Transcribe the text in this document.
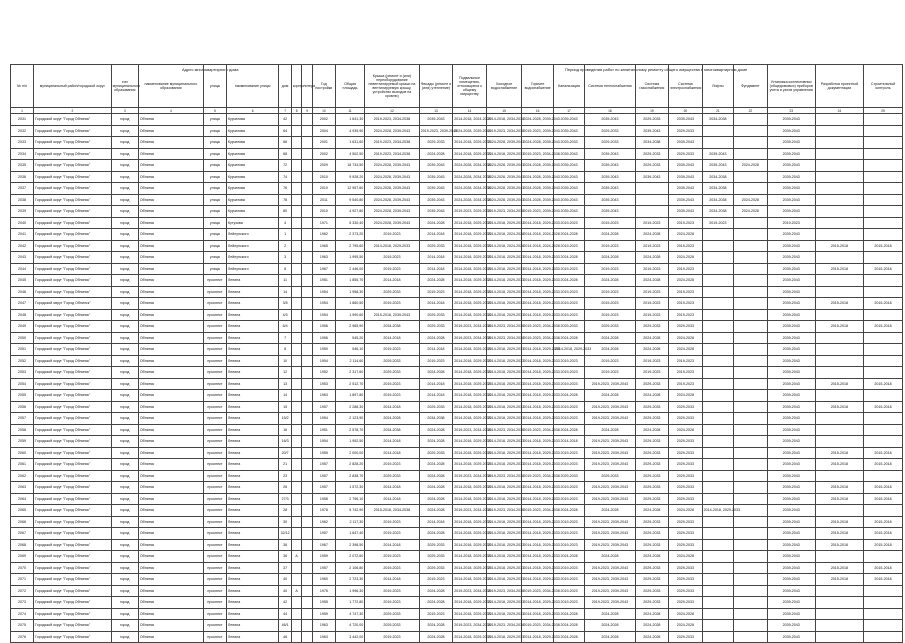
Адрес многоквартирного дома	Период проведения работ по капитальному ремонту общего имущества в многоквартирном доме
№ п/п	муниципальный район/городской округ	тип муниципального образования	наименование муниципального образования	улица	наименование улицы	дом	корпус	литера	Год постройки	Общая площадь	Крыша (ремонт и (или) переоборудование невентилируемой крыши на вентилируемую крышу, устройство выходов на кровлю)	Фасады (ремонт и (или) утепление)	Подвальные помещения, относящиеся к общему имуществу	Холодное водоснабжение	Горячее водоснабжение	Канализация	Система теплоснабжения	Система газоснабжения	Система электроснабжения	Лифты	Фундамент	Установка коллективных (общедомовых) приборов учета и узлов управления	Разработка проектной документации	Строительный контроль
1	2	3	4	5	6	7	8	9	10	11	12	13	14	15	16	17	18	19	20	21	22	23	24	25
2031	Городской округ "Город Обнинск"	город	Обнинск	улица	Курчатова	42			2002	1 641,30	2019-2023, 2034-2038	2039-2043	2014-2018, 2024-2028	2014-2018, 2034-2038	2024-2028, 2039-2043	2039-2043	2039-2043	2029-2033	2039-2043	2034-2038		2039-2043		
2032	Городской округ "Город Обнинск"	город	Обнинск	улица	Курчатова	64			2004	4 939,90	2024-2028, 2039-2043	2019-2023, 2039-2043	2024-2028, 2039-2043	2019-2023, 2034-2038	2019-2023, 2039-2043	2039-2043	2029-2033	2039-2043	2029-2033			2039-2043		
2033	Городской округ "Город Обнинск"	город	Обнинск	улица	Курчатова	66			2001	1 631,60	2019-2023, 2034-2038	2029-2033	2014-2018, 2029-2033	2024-2028, 2039-2043	2024-2028, 2039-2043	2029-2033	2029-2033	2034-2038	2039-2043			2039-2043		
2034	Городской округ "Город Обнинск"	город	Обнинск	улица	Курчатова	68			2002	4 502,50	2019-2023, 2034-2038	2024-2028	2014-2018, 2029-2033	2014-2018, 2029-2033	2019-2023, 2034-2038	2039-2043	2039-2043	2029-2033	2029-2033	2039-2043		2039-2043		
2035	Городской округ "Город Обнинск"	город	Обнинск	улица	Курчатова	72			2009	18 734,50	2024-2028, 2039-2043	2039-2043	2024-2028, 2034-2038	2024-2028, 2039-2043	2024-2028, 2039-2043	2039-2043	2039-2043	2029-2033	2039-2043	2039-2043	2024-2028	2039-2043		
2036	Городской округ "Город Обнинск"	город	Обнинск	улица	Курчатова	74			2010	9 928,20	2024-2028, 2039-2043	2039-2043	2024-2028, 2034-2038	2024-2028, 2039-2043	2024-2028, 2039-2043	2039-2043	2039-2043	2039-2043	2039-2043	2034-2038		2039-2043		
2037	Городской округ "Город Обнинск"	город	Обнинск	улица	Курчатова	76			2010	12 957,60	2024-2028, 2039-2043	2039-2043	2024-2028, 2034-2038	2024-2028, 2039-2043	2024-2028, 2039-2043	2039-2043	2039-2043		2039-2043	2034-2038		2039-2043		
2038	Городской округ "Город Обнинск"	город	Обнинск	улица	Курчатова	78			2011	9 540,80	2024-2028, 2039-2043	2039-2043	2024-2028, 2034-2038	2024-2028, 2039-2043	2024-2028, 2039-2043	2039-2043	2039-2043		2039-2043	2034-2038	2024-2028	2039-2043		
2039	Городской округ "Город Обнинск"	город	Обнинск	улица	Курчатова	80			2010	4 927,80	2024-2028, 2039-2043	2039-2043	2019-2023, 2029-2033	2019-2023, 2034-2038	2019-2023, 2039-2043	2039-2043	2039-2043		2039-2043	2034-2038	2024-2028	2039-2043		
2040	Городской округ "Город Обнинск"	город	Обнинск	улица	Кутузова	4			1971	5 330,40	2024-2028, 2039-2043	2024-2028	2014-2018, 2029-2033	2014-2018, 2029-2033	2014-2018, 2029-2033	2019-2023	2019-2023	2019-2023	2019-2023	2019-2023		2019-2023		
2041	Городской округ "Город Обнинск"	город	Обнинск	улица	Лейпунского	1			1962	2 373,20	2019-2023	2014-2018	2014-2018, 2029-2033	2014-2018, 2024-2028	2014-2018, 2024-2028	2024-2028	2024-2028	2024-2028	2024-2028			2039-2043		
2042	Городской округ "Город Обнинск"	город	Обнинск	улица	Лейпунского	2			1965	2 795,60	2014-2018, 2029-2033	2029-2033	2014-2018, 2029-2033	2014-2018, 2024-2028	2014-2018, 2024-2028	2019-2023	2019-2023	2019-2023	2019-2023			2039-2043	2015-2018	2015-2018
2043	Городской округ "Город Обнинск"	город	Обнинск	улица	Лейпунского	3			1963	1 995,50	2019-2023	2014-2018	2014-2018, 2029-2033	2014-2018, 2029-2033	2014-2018, 2029-2033	2024-2028	2024-2028	2024-2028	2024-2028			2039-2043		
2044	Городской округ "Город Обнинск"	город	Обнинск	улица	Лейпунского	8			1967	2 446,00	2019-2023	2014-2018	2014-2018, 2029-2033	2014-2018, 2029-2033	2014-2018, 2029-2033	2019-2023	2019-2023	2019-2023	2019-2023			2039-2043	2015-2018	2015-2018
2045	Городской округ "Город Обнинск"	город	Обнинск	проспект	Ленина	11			1951	1 855,70	2014-2018	2024-2028	2014-2018, 2029-2033	2014-2018, 2029-2033	2014-2018, 2029-2033	2024-2028	2024-2028	2024-2028	2024-2028			2039-2043		
2046	Городской округ "Город Обнинск"	город	Обнинск	проспект	Ленина	14			1954	1 958,30	2029-2033	2019-2023	2014-2018, 2029-2033	2014-2018, 2029-2033	2014-2018, 2029-2033	2019-2023	2019-2023	2019-2023	2019-2023			2039-2043		
2047	Городской овруг "Город Обнинск"	город	Обнинск	проспект	Ленина	3/5			1954	1 860,50	2019-2023	2014-2018	2014-2018, 2029-2033	2014-2018, 2029-2033	2014-2018, 2029-2033	2019-2023	2019-2023	2019-2023	2019-2023			2039-2043	2015-2018	2015-2018
2048	Городской округ "Город Обнинск"	город	Обнинск	проспект	Ленина	4/3			1954	1 990,60	2015-2018, 2039-2043	2029-2033	2014-2018, 2029-2033	2014-2018, 2029-2033	2014-2018, 2029-2033	2019-2023	2019-2023	2019-2023	2019-2023			2039-2043		
2049	Городской округ "Город Обнинск"	город	Обнинск	проспект	Ленина	6/4			1956	2 965,90	2034-2038	2029-2033	2019-2023, 2034-2038	2019-2023, 2034-2038	2019-2023, 2034-2038	2029-2033	2029-2033	2029-2033	2029-2033			2039-2043	2015-2018	2015-2018
2050	Городской округ "Город Обнинск"	город	Обнинск	проспект	Ленина	7			1956	545,20	2014-2018	2024-2028	2019-2023, 2034-2038	2019-2023, 2034-2038	2019-2023, 2034-2038	2024-2028	2024-2028	2024-2028	2024-2028			2039-2043		
2051	Городской округ "Город Обнинск"	город	Обнинск	проспект	Ленина	8			1950	546,10	2019-2023	2014-2018	2014-2018, 2029-2033	2014-2018, 2029-2033	2014-2018, 2029-2033	2014-2018, 2029-2033	2024-2028	2024-2028	2024-2028			2039-2043		
2052	Городской округ "Город Обнинск"	город	Обнинск	проспект	Ленина	10			1954	2 114,60	2029-2033	2019-2023	2014-2018, 2029-2033	2014-2018, 2029-2033	2014-2018, 2029-2033	2019-2023	2019-2023	2019-2023	2019-2023			2039-2043		
2053	Городской округ "Город Обнинск"	город	Обнинск	проспект	Ленина	12			1952	2 317,60	2029-2033	2024-2028	2014-2018, 2029-2033	2014-2018, 2029-2033	2014-2018, 2029-2033	2019-2023	2019-2023	2019-2023	2019-2023			2039-2043		
2054	Городской округ "Город Обнинск"	город	Обнинск	проспект	Ленина	13			1953	2 512,70	2019-2023	2014-2018	2014-2018, 2029-2033	2014-2018, 2029-2033	2014-2018, 2029-2033	2019-2023	2019-2023, 2039-2043	2029-2033	2019-2023			2039-2043	2015-2018	2015-2018
2055	Городской округ "Город Обнинск"	город	Обнинск	проспект	Ленина	14			1963	1 897,80	2019-2023	2014-2018	2014-2018, 2029-2033	2014-2018, 2029-2033	2014-2018, 2029-2033	2024-2028	2024-2028	2024-2028	2024-2028			2039-2043		
2056	Городской округ "Город Обнинск"	город	Обнинск	проспект	Ленина	15			1957	2 288,30	2014-2018	2029-2033	2014-2018, 2029-2033	2014-2018, 2029-2033	2014-2018, 2029-2033	2019-2023	2019-2023, 2039-2043	2029-2033	2029-2033			2039-2043	2015-2018	2015-2018
2057	Городской округ "Город Обнинск"	город	Обнинск	проспект	Ленина	15/2			1954	2 123,90	2024-2028	2034-2038	2014-2018, 2029-2033	2014-2018, 2029-2033	2014-2018, 2029-2033	2019-2023	2019-2023, 2039-2043	2029-2033	2029-2033			2039-2043		
2058	Городской округ "Город Обнинск"	город	Обнинск	проспект	Ленина	16			1951	2 578,70	2034-2038	2024-2028	2019-2023, 2034-2038	2019-2023, 2034-2038	2019-2023, 2034-2038	2024-2028	2024-2028	2024-2028	2024-2028			2039-2043		
2059	Городской округ "Город Обнинск"	город	Обнинск	проспект	Ленина	16/3			1954	1 952,50	2014-2018	2024-2028	2014-2018, 2029-2033	2014-2018, 2029-2033	2014-2018, 2029-2033	2014-2018	2019-2023, 2039-2043	2029-2033	2029-2033			2039-2043		
2060	Городской округ "Город Обнинск"	город	Обнинск	проспект	Ленина	20/7			1955	2 000,00	2014-2018	2029-2033	2014-2018, 2029-2033	2014-2018, 2029-2033	2014-2018, 2029-2033	2019-2023	2019-2023, 2039-2043	2029-2033	2029-2033			2039-2043	2015-2018	2015-2018
2061	Городской округ "Город Обнинск"	город	Обнинск	проспект	Ленина	21			1957	2 828,20	2019-2023	2024-2028	2014-2018, 2029-2033	2014-2018, 2029-2033	2014-2018, 2029-2033	2019-2023	2019-2023, 2039-2043	2029-2033	2029-2033			2039-2043	2015-2018	2015-2018
2062	Городской округ "Город Обнинск"	город	Обнинск	проспект	Ленина	23			1957	2 838,70	2029-2033	2024-2028	2019-2023, 2034-2038	2019-2023, 2034-2038	2019-2023, 2034-2038	2029-2033	2029-2033	2029-2033	2029-2033			2039-2043		
2063	Городской округ "Город Обнинск"	город	Обнинск	проспект	Ленина	26			1957	1 572,30	2014-2018	2024-2028	2014-2018, 2029-2033	2014-2018, 2029-2033	2014-2018, 2029-2033	2019-2023	2019-2023, 2039-2043	2029-2033	2029-2033			2039-2043	2015-2018	2015-2018
2064	Городской округ "Город Обнинск"	город	Обнинск	проспект	Ленина	27/3			1958	2 796,10	2014-2018	2024-2028	2014-2018, 2029-2033	2014-2018, 2029-2033	2014-2018, 2029-2033	2019-2023	2019-2023, 2039-2043	2029-2033	2029-2033			2039-2043	2015-2018	2015-2018
2065	Городской округ "Город Обнинск"	город	Обнинск	проспект	Ленина	28			1978	5 742,90	2015-2018, 2034-2038	2024-2028	2019-2023, 2034-2038	2019-2023, 2034-2038	2019-2023, 2034-2038	2024-2028	2024-2028	2024-2028	2024-2028	2014-2018, 2029-2033		2039-2043		
2066	Городской округ "Город Обнинск"	город	Обнинск	проспект	Ленина	30			1962	2 117,30	2019-2023	2014-2018	2014-2018, 2029-2033	2014-2018, 2029-2033	2014-2018, 2029-2033	2019-2023	2019-2023, 2039-2043	2029-2033	2029-2033			2039-2043	2015-2018	2015-2018
2067	Городской округ "Город Обнинск"	город	Обнинск	проспект	Ленина	32/12			1957	1 647,40	2019-2023	2024-2028	2014-2018, 2029-2033	2014-2018, 2029-2033	2014-2018, 2029-2033	2019-2023	2019-2023, 2039-2043	2029-2033	2029-2033			2039-2043	2015-2018	2015-2018
2068	Городской округ "Город Обнинск"	город	Обнинск	проспект	Ленина	36			1967	2 398,50	2014-2018	2029-2033	2014-2018, 2029-2033	2014-2018, 2029-2033	2014-2018, 2029-2033	2019-2023	2019-2023, 2039-2043	2029-2033	2029-2033			2039-2043	2015-2018	2015-2018
2069	Городской округ "Город Обнинск"	город	Обнинск	проспект	Ленина	36	А		1959	2 072,60	2019-2023	2029-2033	2014-2018, 2029-2033	2014-2018, 2029-2033	2014-2018, 2029-2033	2024-2028	2024-2028	2024-2028	2024-2028			2039-2043		
2070	Городской округ "Город Обнинск"	город	Обнинск	проспект	Ленина	37			1957	2 106,80	2019-2023	2029-2033	2014-2018, 2029-2033	2014-2018, 2029-2033	2014-2018, 2029-2033	2019-2023	2019-2023, 2039-2043	2029-2033	2029-2033			2039-2043	2015-2018	2015-2018
2071	Городской округ "Город Обнинск"	город	Обнинск	проспект	Ленина	40			1960	2 723,30	2014-2018	2019-2023	2014-2018, 2029-2033	2014-2018, 2029-2033	2014-2018, 2029-2033	2019-2023	2019-2023, 2039-2043	2029-2033	2029-2033			2039-2043	2015-2018	2015-2018
2072	Городской округ "Город Обнинск"	город	Обнинск	проспект	Ленина	40	А		1976	1 996,30	2019-2023	2024-2028	2019-2023, 2034-2038	2019-2023, 2034-2038	2019-2023, 2034-2038	2019-2023	2019-2023, 2039-2043	2029-2033	2029-2033			2039-2043		
2073	Городской округ "Город Обнинск"	город	Обнинск	проспект	Ленина	42			1955	1 772,80	2019-2023	2024-2028	2014-2018, 2029-2033	2014-2018, 2029-2033	2014-2018, 2029-2033	2019-2023	2019-2023, 2039-2043	2029-2033	2029-2033			2039-2043		
2074	Городской округ "Город Обнинск"	город	Обнинск	проспект	Ленина	44			1959	4 747,30	2029-2033	2019-2023	2014-2018, 2029-2033	2014-2018, 2029-2033	2014-2018, 2029-2033	2024-2028	2024-2028	2024-2028	2024-2028			2039-2043		
2075	Городской округ "Город Обнинск"	город	Обнинск	проспект	Ленина	46/1			1963	4 720,00	2029-2033	2024-2028	2019-2023, 2034-2038	2019-2023, 2034-2038	2019-2023, 2034-2038	2024-2028	2024-2028	2024-2028	2024-2028			2039-2043		
2076	Городской округ "Город Обнинск"	город	Обнинск	проспект	Ленина	46			1963	3 442,00	2019-2023	2024-2028	2014-2018, 2029-2033	2014-2018, 2029-2033	2014-2018, 2029-2033	2024-2028	2024-2028	2024-2028	2029-2033			2039-2043		
